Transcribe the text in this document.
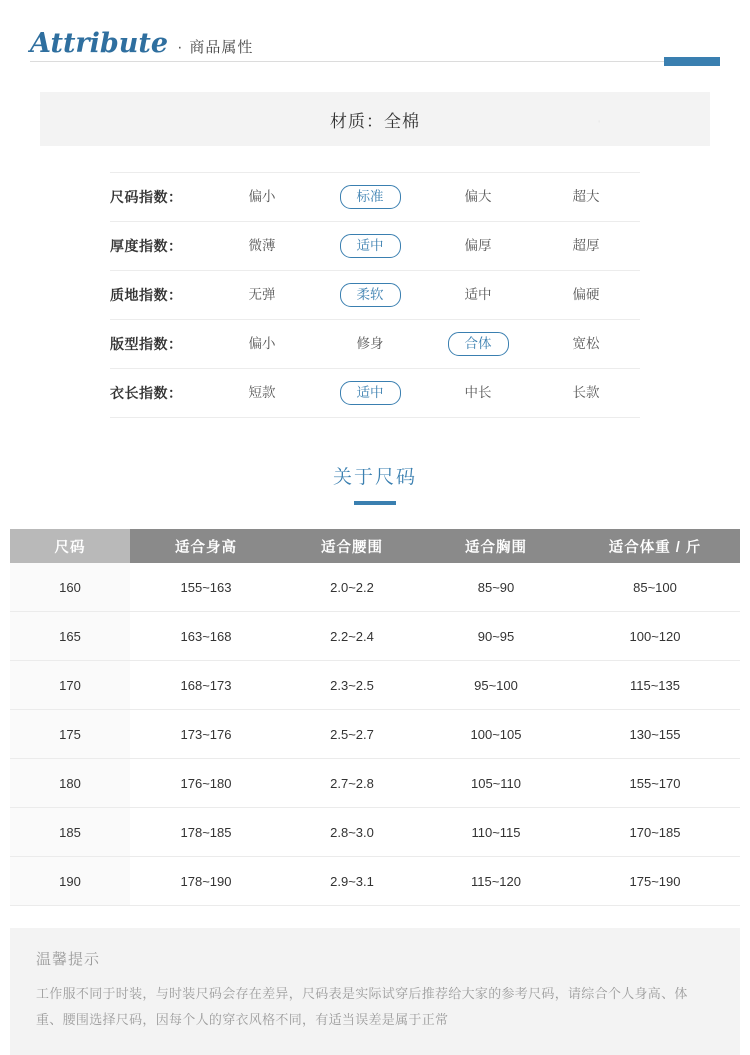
Attribute · 商品属性
材质：全棉	'
尺码指数：	偏小	标准	偏大	超大
厚度指数：	微薄	适中	偏厚	超厚
质地指数：	无弹	柔软	适中	偏硬
版型指数：	偏小	修身	合体	宽松
衣长指数：	短款	适中	中长	长款
关于尺码
尺码	适合身高	适合腰围	适合胸围	适合体重 / 斤
160	155~163	2.0~2.2	85~90	85~100
165	163~168	2.2~2.4	90~95	100~120
170	168~173	2.3~2.5	95~100	115~135
175	173~176	2.5~2.7	100~105	130~155
180	176~180	2.7~2.8	105~110	155~170
185	178~185	2.8~3.0	110~115	170~185
190	178~190	2.9~3.1	115~120	175~190
温馨提示
工作服不同于时装，与时装尺码会存在差异，尺码表是实际试穿后推荐给大家的参考尺码，请综合个人身高、体重、腰围选择尺码，因每个人的穿衣风格不同，有适当误差是属于正常
